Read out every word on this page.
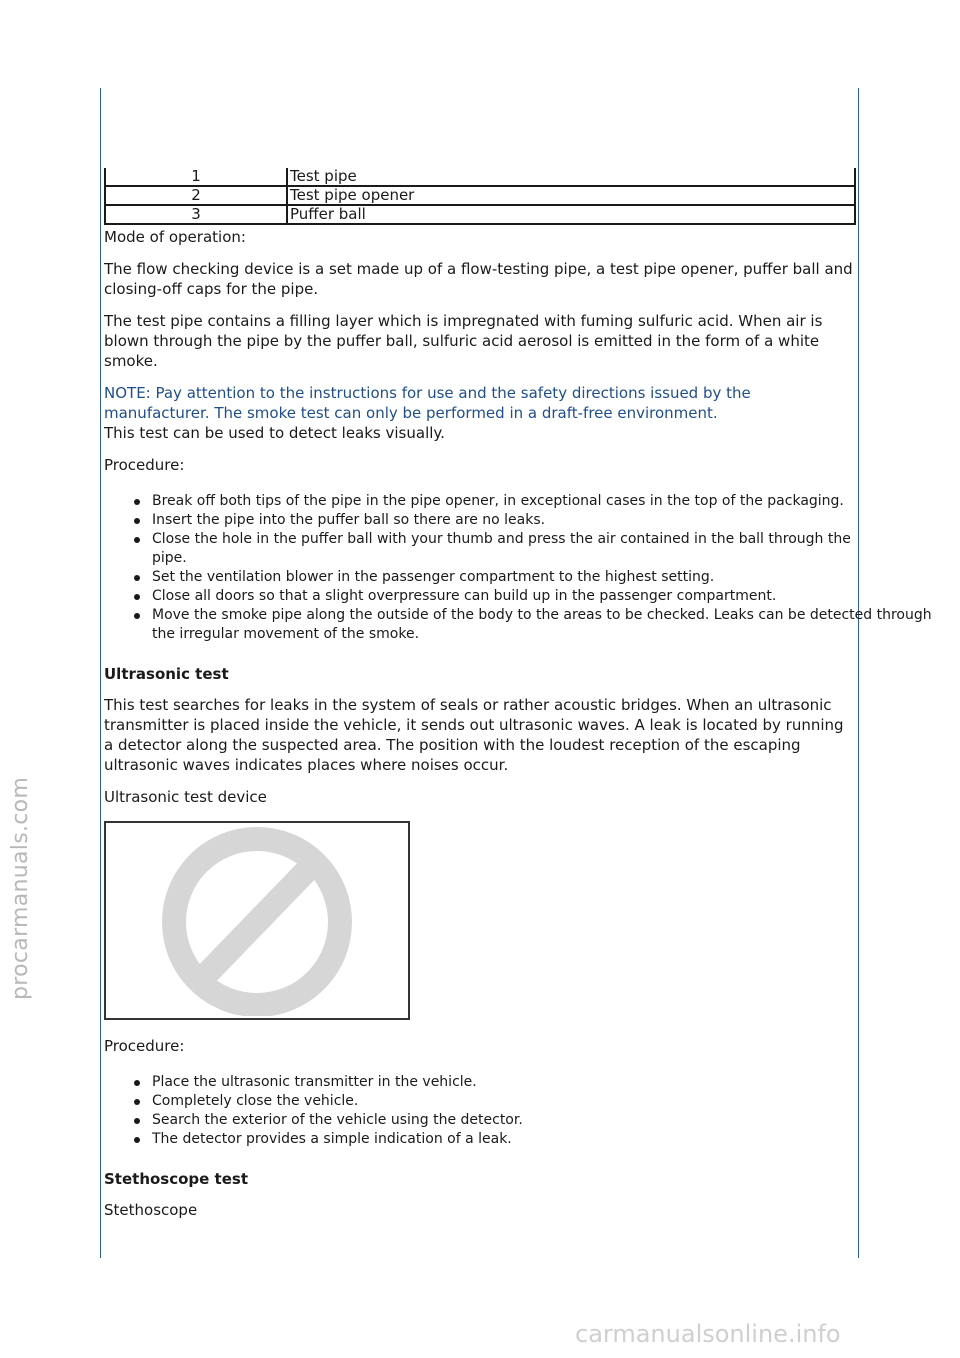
procarmanuals.com
carmanualsonline.info
1	Test pipe
2	Test pipe opener
3	Puffer ball

Mode of operation:

The flow checking device is a set made up of a flow-testing pipe, a test pipe opener, puffer ball and closing-off caps for the pipe.

The test pipe contains a filling layer which is impregnated with fuming sulfuric acid. When air is blown through the pipe by the puffer ball, sulfuric acid aerosol is emitted in the form of a white smoke.

NOTE: Pay attention to the instructions for use and the safety directions issued by the manufacturer. The smoke test can only be performed in a draft-free environment.

This test can be used to detect leaks visually.

Procedure:

Break off both tips of the pipe in the pipe opener, in exceptional cases in the top of the packaging.
Insert the pipe into the puffer ball so there are no leaks.
Close the hole in the puffer ball with your thumb and press the air contained in the ball through the pipe.
Set the ventilation blower in the passenger compartment to the highest setting.
Close all doors so that a slight overpressure can build up in the passenger compartment.
Move the smoke pipe along the outside of the body to the areas to be checked. Leaks can be detected through the irregular movement of the smoke.

Ultrasonic test

This test searches for leaks in the system of seals or rather acoustic bridges. When an ultrasonic transmitter is placed inside the vehicle, it sends out ultrasonic waves. A leak is located by running a detector along the suspected area. The position with the loudest reception of the escaping ultrasonic waves indicates places where noises occur.

Ultrasonic test device

Procedure:

Place the ultrasonic transmitter in the vehicle.
Completely close the vehicle.
Search the exterior of the vehicle using the detector.
The detector provides a simple indication of a leak.

Stethoscope test

Stethoscope
